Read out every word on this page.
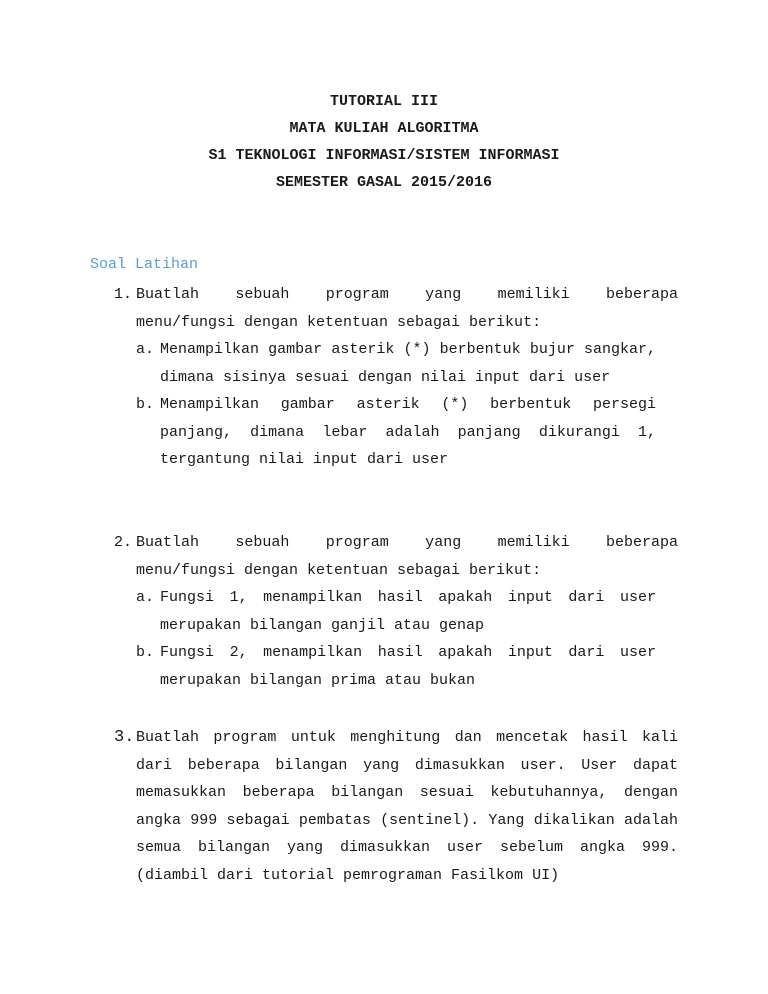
TUTORIAL III
MATA KULIAH ALGORITMA
S1 TEKNOLOGI INFORMASI/SISTEM INFORMASI
SEMESTER GASAL 2015/2016
Soal Latihan
1. Buatlah sebuah program yang memiliki beberapa
menu/fungsi dengan ketentuan sebagai berikut:
a. Menampilkan gambar asterik (*) berbentuk bujur sangkar, dimana sisinya sesuai dengan nilai input dari user
b. Menampilkan gambar asterik (*) berbentuk persegi panjang, dimana lebar adalah panjang dikurangi 1, tergantung nilai input dari user
2. Buatlah sebuah program yang memiliki beberapa
menu/fungsi dengan ketentuan sebagai berikut:
a. Fungsi 1, menampilkan hasil apakah input dari user merupakan bilangan ganjil atau genap
b. Fungsi 2, menampilkan hasil apakah input dari user merupakan bilangan prima atau bukan
3. Buatlah program untuk menghitung dan mencetak hasil kali dari beberapa bilangan yang dimasukkan user. User dapat memasukkan beberapa bilangan sesuai kebutuhannya, dengan angka 999 sebagai pembatas (sentinel). Yang dikalikan adalah semua bilangan yang dimasukkan user sebelum angka 999. (diambil dari tutorial pemrograman Fasilkom UI)
